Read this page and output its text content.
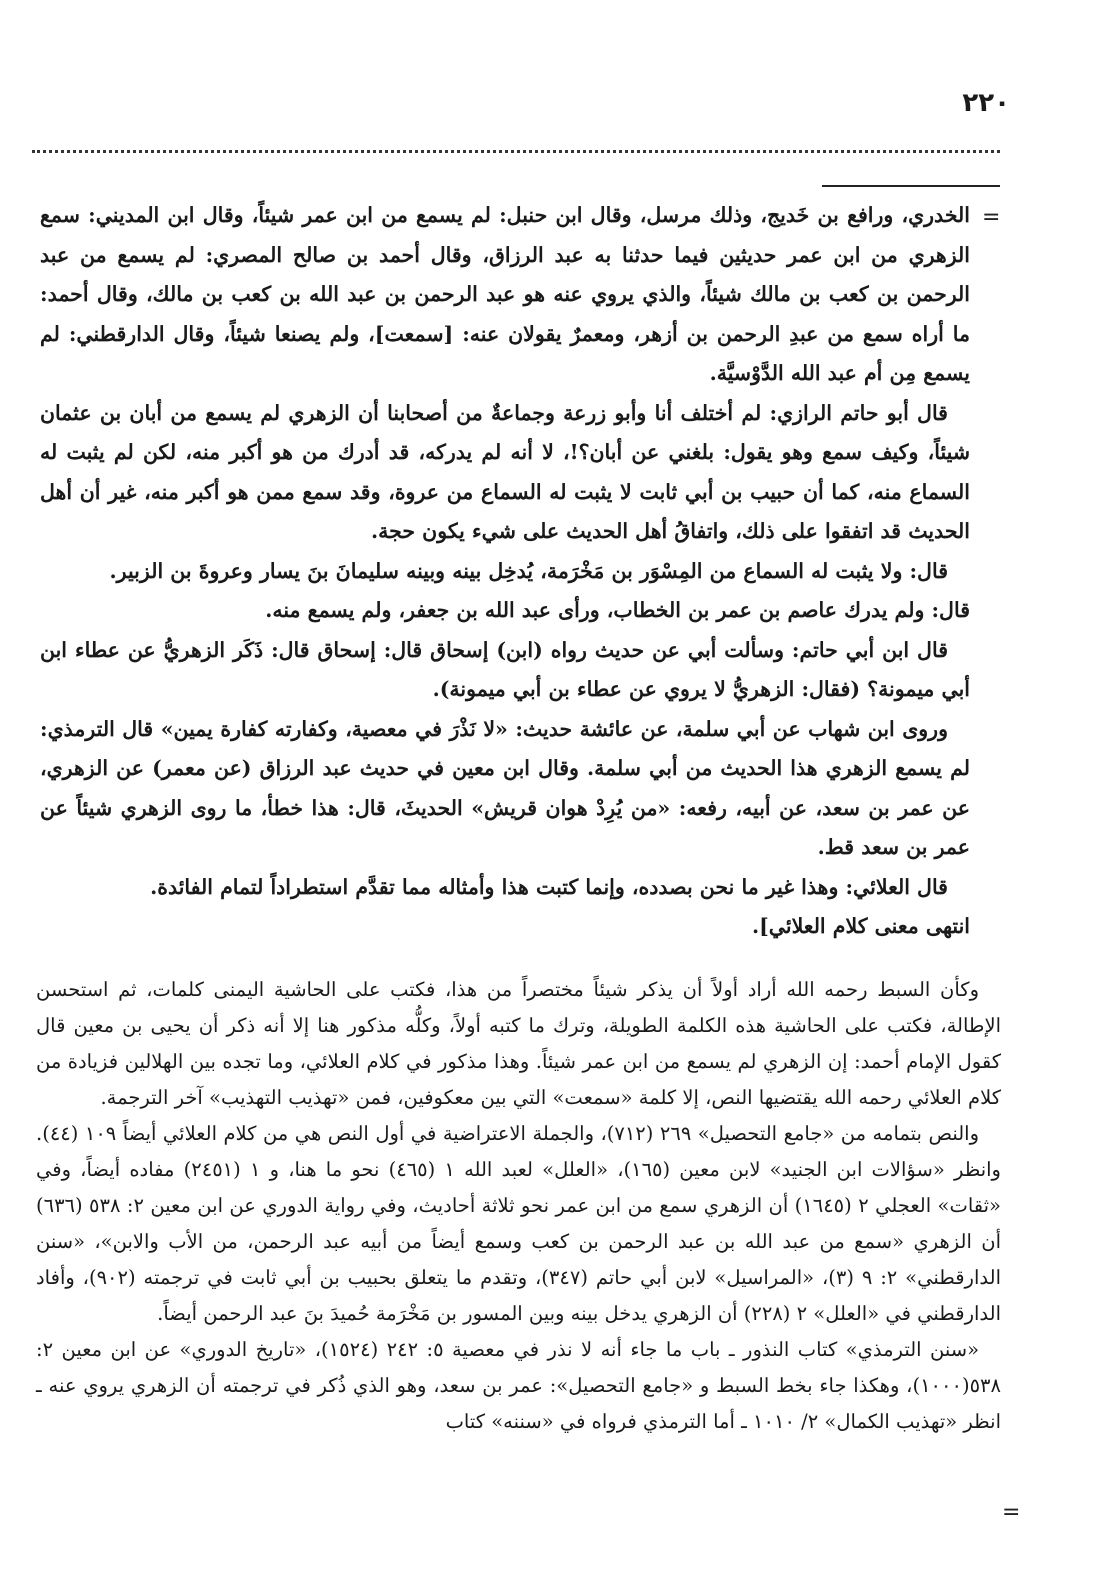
٢٢٠
=
=

الخدري، ورافع بن خَديج، وذلك مرسل، وقال ابن حنبل: لم يسمع من ابن عمر شيئاً، وقال ابن المديني: سمع الزهري من ابن عمر حديثين فيما حدثنا به عبد الرزاق، وقال أحمد بن صالح المصري: لم يسمع من عبد الرحمن بن كعب بن مالك شيئاً، والذي يروي عنه هو عبد الرحمن بن عبد الله بن كعب بن مالك، وقال أحمد: ما أراه سمع من عبدِ الرحمن بن أزهر، ومعمرٌ يقولان عنه: [سمعت]، ولم يصنعا شيئاً، وقال الدارقطني: لم يسمع مِن أم عبد الله الدَّوْسيَّة.

قال أبو حاتم الرازي: لم أختلف أنا وأبو زرعة وجماعةٌ من أصحابنا أن الزهري لم يسمع من أبان بن عثمان شيئاً، وكيف سمع وهو يقول: بلغني عن أبان؟!، لا أنه لم يدركه، قد أدرك من هو أكبر منه، لكن لم يثبت له السماع منه، كما أن حبيب بن أبي ثابت لا يثبت له السماع من عروة، وقد سمع ممن هو أكبر منه، غير أن أهل الحديث قد اتفقوا على ذلك، واتفاقُ أهل الحديث على شيء يكون حجة.

قال: ولا يثبت له السماع من المِسْوَر بن مَخْرَمة، يُدخِل بينه وبينه سليمانَ بنَ يسار وعروةَ بن الزبير.

قال: ولم يدرك عاصم بن عمر بن الخطاب، ورأى عبد الله بن جعفر، ولم يسمع منه.

قال ابن أبي حاتم: وسألت أبي عن حديث رواه (ابن) إسحاق قال: إسحاق قال: ذَكَر الزهريُّ عن عطاء ابن أبي ميمونة؟ (فقال: الزهريُّ لا يروي عن عطاء بن أبي ميمونة).

وروى ابن شهاب عن أبي سلمة، عن عائشة حديث: «لا نَذْرَ في معصية، وكفارته كفارة يمين» قال الترمذي: لم يسمع الزهري هذا الحديث من أبي سلمة. وقال ابن معين في حديث عبد الرزاق (عن معمر) عن الزهري، عن عمر بن سعد، عن أبيه، رفعه: «من يُرِدْ هوان قريش» الحديثَ، قال: هذا خطأ، ما روى الزهري شيئاً عن عمر بن سعد قط.

قال العلائي: وهذا غير ما نحن بصدده، وإنما كتبت هذا وأمثاله مما تقدَّم استطراداً لتمام الفائدة.

انتهى معنى كلام العلائي].

وكأن السبط رحمه الله أراد أولاً أن يذكر شيئاً مختصراً من هذا، فكتب على الحاشية اليمنى كلمات، ثم استحسن الإطالة، فكتب على الحاشية هذه الكلمة الطويلة، وترك ما كتبه أولاً، وكلُّه مذكور هنا إلا أنه ذكر أن يحيى بن معين قال كقول الإمام أحمد: إن الزهري لم يسمع من ابن عمر شيئاً. وهذا مذكور في كلام العلائي، وما تجده بين الهلالين فزيادة من كلام العلائي رحمه الله يقتضيها النص، إلا كلمة «سمعت» التي بين معكوفين، فمن «تهذيب التهذيب» آخر الترجمة.

والنص بتمامه من «جامع التحصيل» ٢٦٩ (٧١٢)، والجملة الاعتراضية في أول النص هي من كلام العلائي أيضاً ١٠٩ (٤٤). وانظر «سؤالات ابن الجنيد» لابن معين (١٦٥)، «العلل» لعبد الله ١ (٤٦٥) نحو ما هنا، و ١ (٢٤٥١) مفاده أيضاً، وفي «ثقات» العجلي ٢ (١٦٤٥) أن الزهري سمع من ابن عمر نحو ثلاثة أحاديث، وفي رواية الدوري عن ابن معين ٢: ٥٣٨ (٦٣٦) أن الزهري «سمع من عبد الله بن عبد الرحمن بن كعب وسمع أيضاً من أبيه عبد الرحمن، من الأب والابن»، «سنن الدارقطني» ٢: ٩ (٣)، «المراسيل» لابن أبي حاتم (٣٤٧)، وتقدم ما يتعلق بحبيب بن أبي ثابت في ترجمته (٩٠٢)، وأفاد الدارقطني في «العلل» ٢ (٢٢٨) أن الزهري يدخل بينه وبين المسور بن مَخْرَمة حُميدَ بنَ عبد الرحمن أيضاً.

«سنن الترمذي» كتاب النذور ـ باب ما جاء أنه لا نذر في معصية ٥: ٢٤٢ (١٥٢٤)، «تاريخ الدوري» عن ابن معين ٢: ٥٣٨(١٠٠٠)، وهكذا جاء بخط السبط و «جامع التحصيل»: عمر بن سعد، وهو الذي ذُكر في ترجمته أن الزهري يروي عنه ـ انظر «تهذيب الكمال» ٢/ ١٠١٠ ـ أما الترمذي فرواه في «سننه» كتاب
